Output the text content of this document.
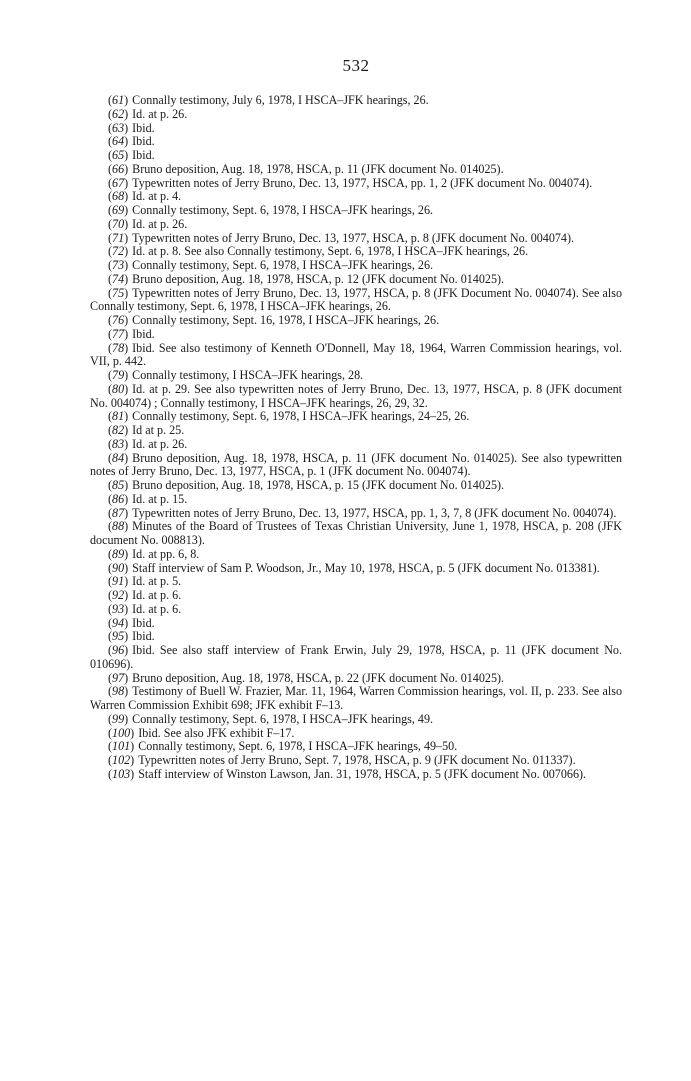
532

( 61 ) Connally testimony, July 6, 1978, I HSCA–JFK hearings, 26.

( 62 ) Id. at p. 26.

( 63 ) Ibid.

( 64 ) Ibid.

( 65 ) Ibid.

( 66 ) Bruno deposition, Aug. 18, 1978, HSCA, p. 11 (JFK document No. 014025).

( 67 ) Typewritten notes of Jerry Bruno, Dec. 13, 1977, HSCA, pp. 1, 2 (JFK document No. 004074).

( 68 ) Id. at p. 4.

( 69 ) Connally testimony, Sept. 6, 1978, I HSCA–JFK hearings, 26.

( 70 ) Id. at p. 26.

( 71 ) Typewritten notes of Jerry Bruno, Dec. 13, 1977, HSCA, p. 8 (JFK document No. 004074).

( 72 ) Id. at p. 8. See also Connally testimony, Sept. 6, 1978, I HSCA–JFK hearings, 26.

( 73 ) Connally testimony, Sept. 6, 1978, I HSCA–JFK hearings, 26.

( 74 ) Bruno deposition, Aug. 18, 1978, HSCA, p. 12 (JFK document No. 014025).

( 75 ) Typewritten notes of Jerry Bruno, Dec. 13, 1977, HSCA, p. 8 (JFK Document No. 004074). See also Connally testimony, Sept. 6, 1978, I HSCA–JFK hearings, 26.

( 76 ) Connally testimony, Sept. 16, 1978, I HSCA–JFK hearings, 26.

( 77 ) Ibid.

( 78 ) Ibid. See also testimony of Kenneth O'Donnell, May 18, 1964, Warren Commission hearings, vol. VII, p. 442.

( 79 ) Connally testimony, I HSCA–JFK hearings, 28.

( 80 ) Id. at p. 29. See also typewritten notes of Jerry Bruno, Dec. 13, 1977, HSCA, p. 8 (JFK document No. 004074) ; Connally testimony, I HSCA–JFK hearings, 26, 29, 32.

( 81 ) Connally testimony, Sept. 6, 1978, I HSCA–JFK hearings, 24–25, 26.

( 82 ) Id at p. 25.

( 83 ) Id. at p. 26.

( 84 ) Bruno deposition, Aug. 18, 1978, HSCA, p. 11 (JFK document No. 014025). See also typewritten notes of Jerry Bruno, Dec. 13, 1977, HSCA, p. 1 (JFK document No. 004074).

( 85 ) Bruno deposition, Aug. 18, 1978, HSCA, p. 15 (JFK document No. 014025).

( 86 ) Id. at p. 15.

( 87 ) Typewritten notes of Jerry Bruno, Dec. 13, 1977, HSCA, pp. 1, 3, 7, 8 (JFK document No. 004074).

( 88 ) Minutes of the Board of Trustees of Texas Christian University, June 1, 1978, HSCA, p. 208 (JFK document No. 008813).

( 89 ) Id. at pp. 6, 8.

( 90 ) Staff interview of Sam P. Woodson, Jr., May 10, 1978, HSCA, p. 5 (JFK document No. 013381).

( 91 ) Id. at p. 5.

( 92 ) Id. at p. 6.

( 93 ) Id. at p. 6.

( 94 ) Ibid.

( 95 ) Ibid.

( 96 ) Ibid. See also staff interview of Frank Erwin, July 29, 1978, HSCA, p. 11 (JFK document No. 010696).

( 97 ) Bruno deposition, Aug. 18, 1978, HSCA, p. 22 (JFK document No. 014025).

( 98 ) Testimony of Buell W. Frazier, Mar. 11, 1964, Warren Commission hearings, vol. II, p. 233. See also Warren Commission Exhibit 698; JFK exhibit F–13.

( 99 ) Connally testimony, Sept. 6, 1978, I HSCA–JFK hearings, 49.

( 100 ) Ibid. See also JFK exhibit F–17.

( 101 ) Connally testimony, Sept. 6, 1978, I HSCA–JFK hearings, 49–50.

( 102 ) Typewritten notes of Jerry Bruno, Sept. 7, 1978, HSCA, p. 9 (JFK document No. 011337).

( 103 ) Staff interview of Winston Lawson, Jan. 31, 1978, HSCA, p. 5 (JFK document No. 007066).
